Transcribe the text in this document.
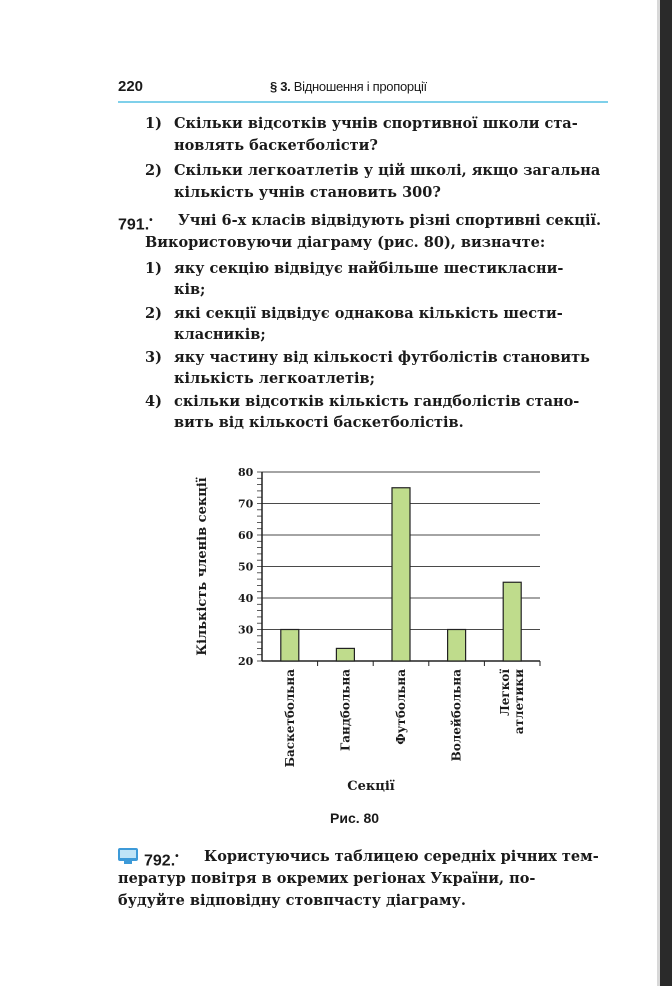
220	§ 3. Відношення і пропорції
1) Скільки відсотків учнів спортивної школи ста-
новлять баскетболісти?
2) Скільки легкоатлетів у цій школі, якщо загальна
кількість учнів становить 300?
791.• Учні 6-х класів відвідують різні спортивні секції.
Використовуючи діаграму (рис. 80), визначте:
1) яку секцію відвідує найбільше шестикласни-
ків;
2) які секції відвідує однакова кількість шести-
класників;
3) яку частину від кількості футболістів становить
кількість легкоатлетів;
4) скільки відсотків кількість гандболістів стано-
вить від кількості баскетболістів.
20
30
40
50
60
70
80
Баскетбольна	Гандбольна	Футбольна	Волейбольна	Легкої атлетики
Кількість членів секції
Секції
Рис. 80
792.• Користуючись таблицею середніх річних тем-
ператур повітря в окремих регіонах України, по-
будуйте відповідну стовпчасту діаграму.
